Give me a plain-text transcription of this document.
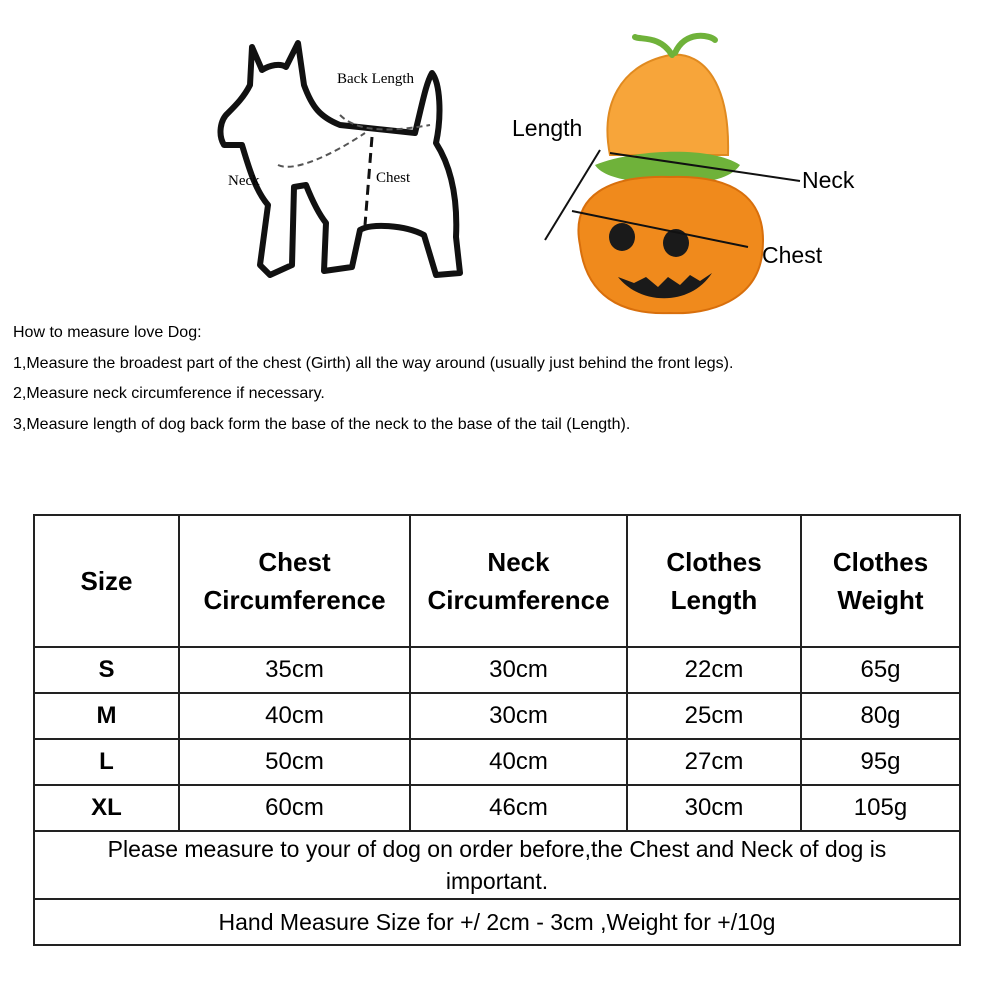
Back Length
Neck	Chest
Length
Neck
Chest

How to measure love Dog:

1,Measure the broadest part of the chest (Girth) all the way around (usually just behind the front legs).

2,Measure neck circumference if necessary.

3,Measure length of dog back form the base of the neck to the base of the tail (Length).

Size	Chest Circumference	Neck Circumference	Clothes Length	Clothes Weight
S	35cm	30cm	22cm	65g
M	40cm	30cm	25cm	80g
L	50cm	40cm	27cm	95g
XL	60cm	46cm	30cm	105g
Please measure to your of dog on order before,the Chest and Neck of dog is important.				
Hand Measure Size for +/ 2cm - 3cm ,Weight for +/10g				
